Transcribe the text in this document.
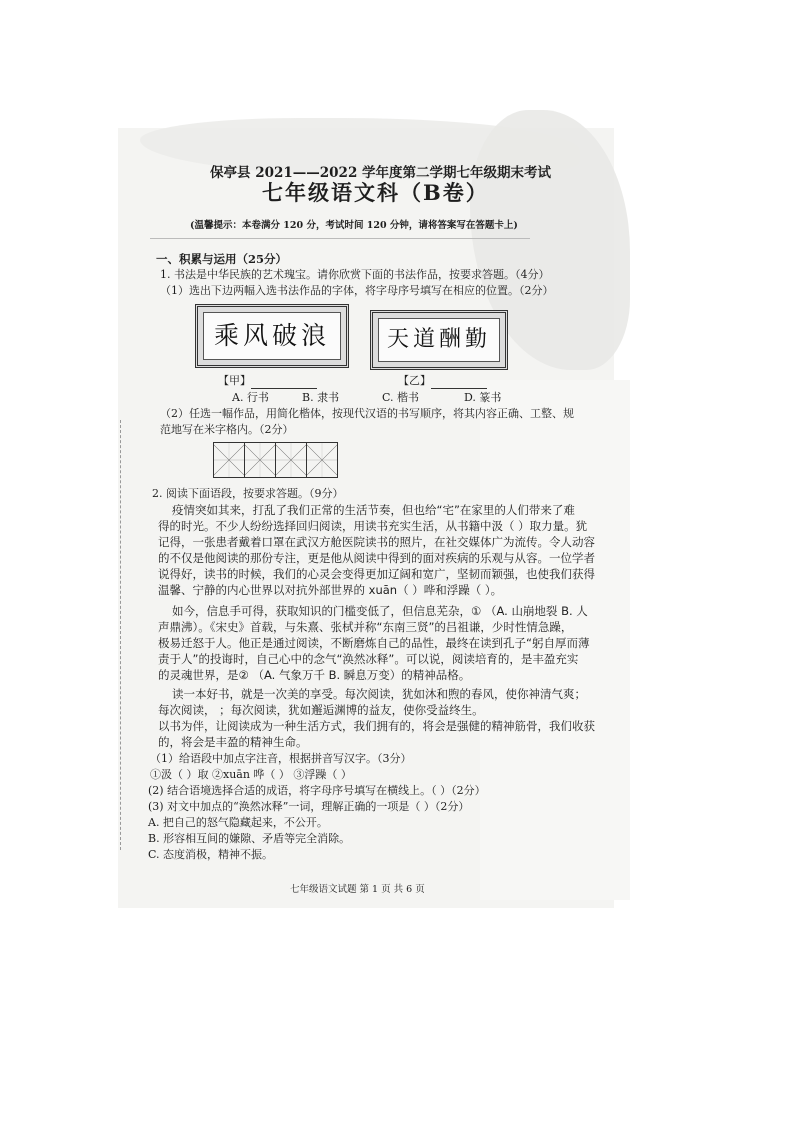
保亭县 2021——2022 学年度第二学期七年级期末考试
七年级语文科（B卷）
(温馨提示：本卷满分 120 分，考试时间 120 分钟，请将答案写在答题卡上)
一、积累与运用（25分）
1. 书法是中华民族的艺术瑰宝。请你欣赏下面的书法作品，按要求答题。（4分）
（1）选出下边两幅入选书法作品的字体，将字母序号填写在相应的位置。（2分）
乘风破浪	天道酬勤
【甲】	【乙】
A. 行书	B. 隶书	C. 楷书	D. 篆书
（2）任选一幅作品，用简化楷体，按现代汉语的书写顺序，将其内容正确、工整、规
范地写在米字格内。（2分）
2. 阅读下面语段，按要求答题。（9分）
疫情突如其来，打乱了我们正常的生活节奏，但也给“宅”在家里的人们带来了难
得的时光。不少人纷纷选择回归阅读，用读书充实生活，从书籍中汲（ ）取力量。犹
记得，一张患者戴着口罩在武汉方舱医院读书的照片，在社交媒体广为流传。令人动容
的不仅是他阅读的那份专注，更是他从阅读中得到的面对疾病的乐观与从容。一位学者
说得好，读书的时候，我们的心灵会变得更加辽阔和宽广，坚韧而颖强，也使我们获得
温馨、宁静的内心世界以对抗外部世界的 xuān（ ）哗和浮躁（ ）。
如今，信息手可得，获取知识的门槛变低了，但信息芜杂，① （A. 山崩地裂 B. 人
声鼎沸）。《宋史》首载，与朱熹、张栻并称“东南三贤”的吕祖谦，少时性情急躁，
极易迁怒于人。他正是通过阅读，不断磨炼自己的品性，最终在读到孔子“躬自厚而薄
责于人”的投诲时，自己心中的念气“涣然冰释”。可以说，阅读培育的，是丰盈充实
的灵魂世界，是② （A. 气象万千 B. 瞬息万变）的精神品格。
读一本好书，就是一次美的享受。每次阅读，犹如沐和煦的春风，使你神清气爽；
每次阅读， ；每次阅读，犹如邂逅渊博的益友，使你受益终生。
以书为伴，让阅读成为一种生活方式，我们拥有的，将会是强健的精神筋骨，我们收获
的，将会是丰盈的精神生命。
（1）给语段中加点字注音，根据拼音写汉字。（3分）
①汲（ ）取 ②xuān 哗（ ） ③浮躁（ ）
(2) 结合语境选择合适的成语，将字母序号填写在横线上。（ ）（2分）
(3) 对文中加点的“涣然冰释”一词，理解正确的一项是（ ）（2分）
A. 把自己的怒气隐藏起来，不公开。
B. 形容相互间的嫌隙、矛盾等完全消除。
C. 态度消极，精神不振。
七年级语文试题 第 1 页 共 6 页
